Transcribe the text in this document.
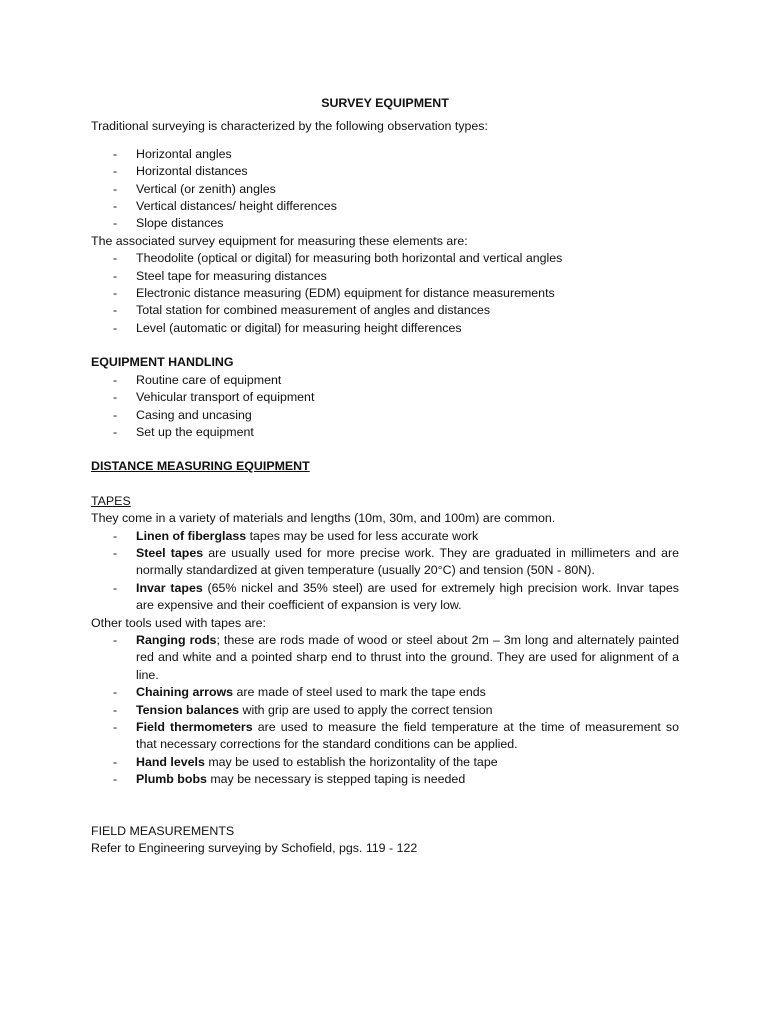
SURVEY EQUIPMENT

Traditional surveying is characterized by the following observation types:

- Horizontal angles
- Horizontal distances
- Vertical (or zenith) angles
- Vertical distances/ height differences
- Slope distances

The associated survey equipment for measuring these elements are:

- Theodolite (optical or digital) for measuring both horizontal and vertical angles
- Steel tape for measuring distances
- Electronic distance measuring (EDM) equipment for distance measurements
- Total station for combined measurement of angles and distances
- Level (automatic or digital) for measuring height differences

EQUIPMENT HANDLING

- Routine care of equipment
- Vehicular transport of equipment
- Casing and uncasing
- Set up the equipment

DISTANCE MEASURING EQUIPMENT

TAPES

They come in a variety of materials and lengths (10m, 30m, and 100m) are common.

- Linen of fiberglass tapes may be used for less accurate work
- Steel tapes are usually used for more precise work. They are graduated in millimeters and are normally standardized at given temperature (usually 20°C) and tension (50N - 80N).
- Invar tapes (65% nickel and 35% steel) are used for extremely high precision work. Invar tapes are expensive and their coefficient of expansion is very low.

Other tools used with tapes are:

- Ranging rods; these are rods made of wood or steel about 2m – 3m long and alternately painted red and white and a pointed sharp end to thrust into the ground. They are used for alignment of a line.
- Chaining arrows are made of steel used to mark the tape ends
- Tension balances with grip are used to apply the correct tension
- Field thermometers are used to measure the field temperature at the time of measurement so that necessary corrections for the standard conditions can be applied.
- Hand levels may be used to establish the horizontality of the tape
- Plumb bobs may be necessary is stepped taping is needed

FIELD MEASUREMENTS

Refer to Engineering surveying by Schofield, pgs. 119 - 122
